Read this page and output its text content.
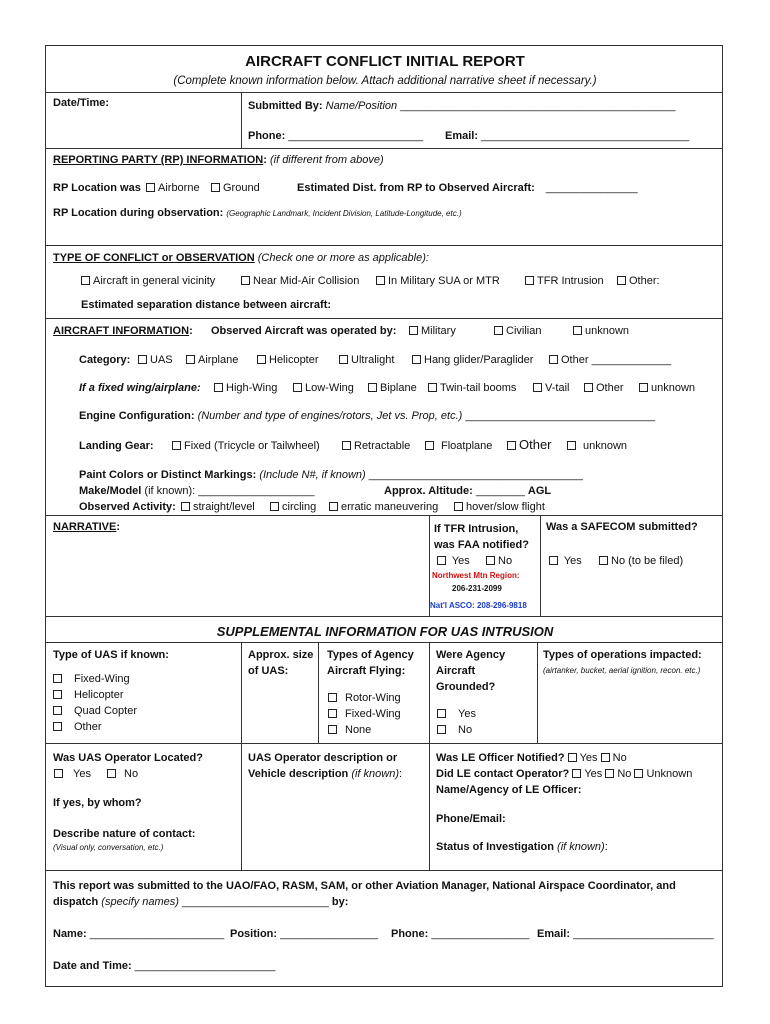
AIRCRAFT CONFLICT INITIAL REPORT
(Complete known information below. Attach additional narrative sheet if necessary.)
Date/Time:	Submitted By: Name/Position _____________________________________________
Phone: ______________________ Email: __________________________________
REPORTING PARTY (RP) INFORMATION: (if different from above)
RP Location was	Airborne	Ground	Estimated Dist. from RP to Observed Aircraft: _______________
RP Location during observation: (Geographic Landmark, Incident Division, Latitude-Longitude, etc.)
TYPE OF CONFLICT or OBSERVATION (Check one or more as applicable):
Aircraft in general vicinity	Near Mid-Air Collision	In Military SUA or MTR	TFR Intrusion	Other:
Estimated separation distance between aircraft:
AIRCRAFT INFORMATION: Observed Aircraft was operated by:	Military	Civilian	unknown
Category:	UAS	Airplane	Helicopter	Ultralight	Hang glider/Paraglider	Other _____________
If a fixed wing/airplane:	High-Wing	Low-Wing	Biplane	Twin-tail booms	V-tail	Other	unknown
Engine Configuration: (Number and type of engines/rotors, Jet vs. Prop, etc.) _______________________________
Landing Gear:	Fixed (Tricycle or Tailwheel)	Retractable	Floatplane	Other	unknown
Paint Colors or Distinct Markings: (Include N#, if known) ___________________________________
Make/Model (if known): ___________________	Approx. Altitude: ________ AGL
Observed Activity:	straight/level	circling	erratic maneuvering	hover/slow flight
NARRATIVE:	If TFR Intrusion,
was FAA notified?
Yes	No
Northwest Mtn Region:
206-231-2099
Nat'l ASCO: 208-296-9818
Was a SAFECOM submitted?
Yes	No (to be filed)
SUPPLEMENTAL INFORMATION FOR UAS INTRUSION
Type of UAS if known:
Fixed-Wing
Helicopter
Quad Copter
Other
Approx. size
of UAS:
Types of Agency
Aircraft Flying:
Rotor-Wing
Fixed-Wing
None
Were Agency
Aircraft
Grounded?
Yes
No
Types of operations impacted:
(airtanker, bucket, aerial ignition, recon. etc.)
Was UAS Operator Located?
Yes	No
If yes, by whom?
Describe nature of contact:
(Visual only, conversation, etc.)
UAS Operator description or
Vehicle description (if known):
Was LE Officer Notified? Yes No
Did LE contact Operator? Yes No Unknown
Name/Agency of LE Officer:
Phone/Email:
Status of Investigation (if known):
This report was submitted to the UAO/FAO, RASM, SAM, or other Aviation Manager, National Airspace Coordinator, and
dispatch (specify names) ________________________ by:
Name: ______________________ Position: ________________ Phone: ________________ Email: _______________________
Date and Time: _______________________
